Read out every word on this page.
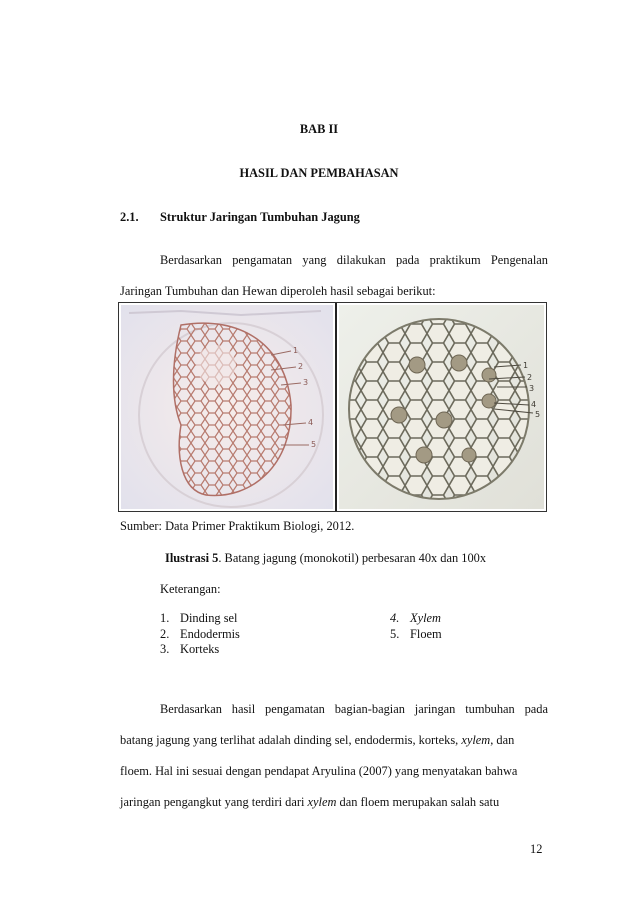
BAB II
HASIL DAN PEMBAHASAN
2.1. Struktur Jaringan Tumbuhan Jagung
Berdasarkan pengamatan yang dilakukan pada praktikum Pengenalan
Jaringan Tumbuhan dan Hewan diperoleh hasil sebagai berikut:
1
2
3
4
5
1
2
3
4
5
Sumber: Data Primer Praktikum Biologi, 2012.
Ilustrasi 5. Batang jagung (monokotil) perbesaran 40x dan 100x
Keterangan:
1. Dinding sel
2. Endodermis
3. Korteks
4. Xylem
5. Floem
Berdasarkan hasil pengamatan bagian-bagian jaringan tumbuhan pada
batang jagung yang terlihat adalah dinding sel, endodermis, korteks, xylem, dan
floem. Hal ini sesuai dengan pendapat Aryulina (2007) yang menyatakan bahwa
jaringan pengangkut yang terdiri dari xylem dan floem merupakan salah satu
12
